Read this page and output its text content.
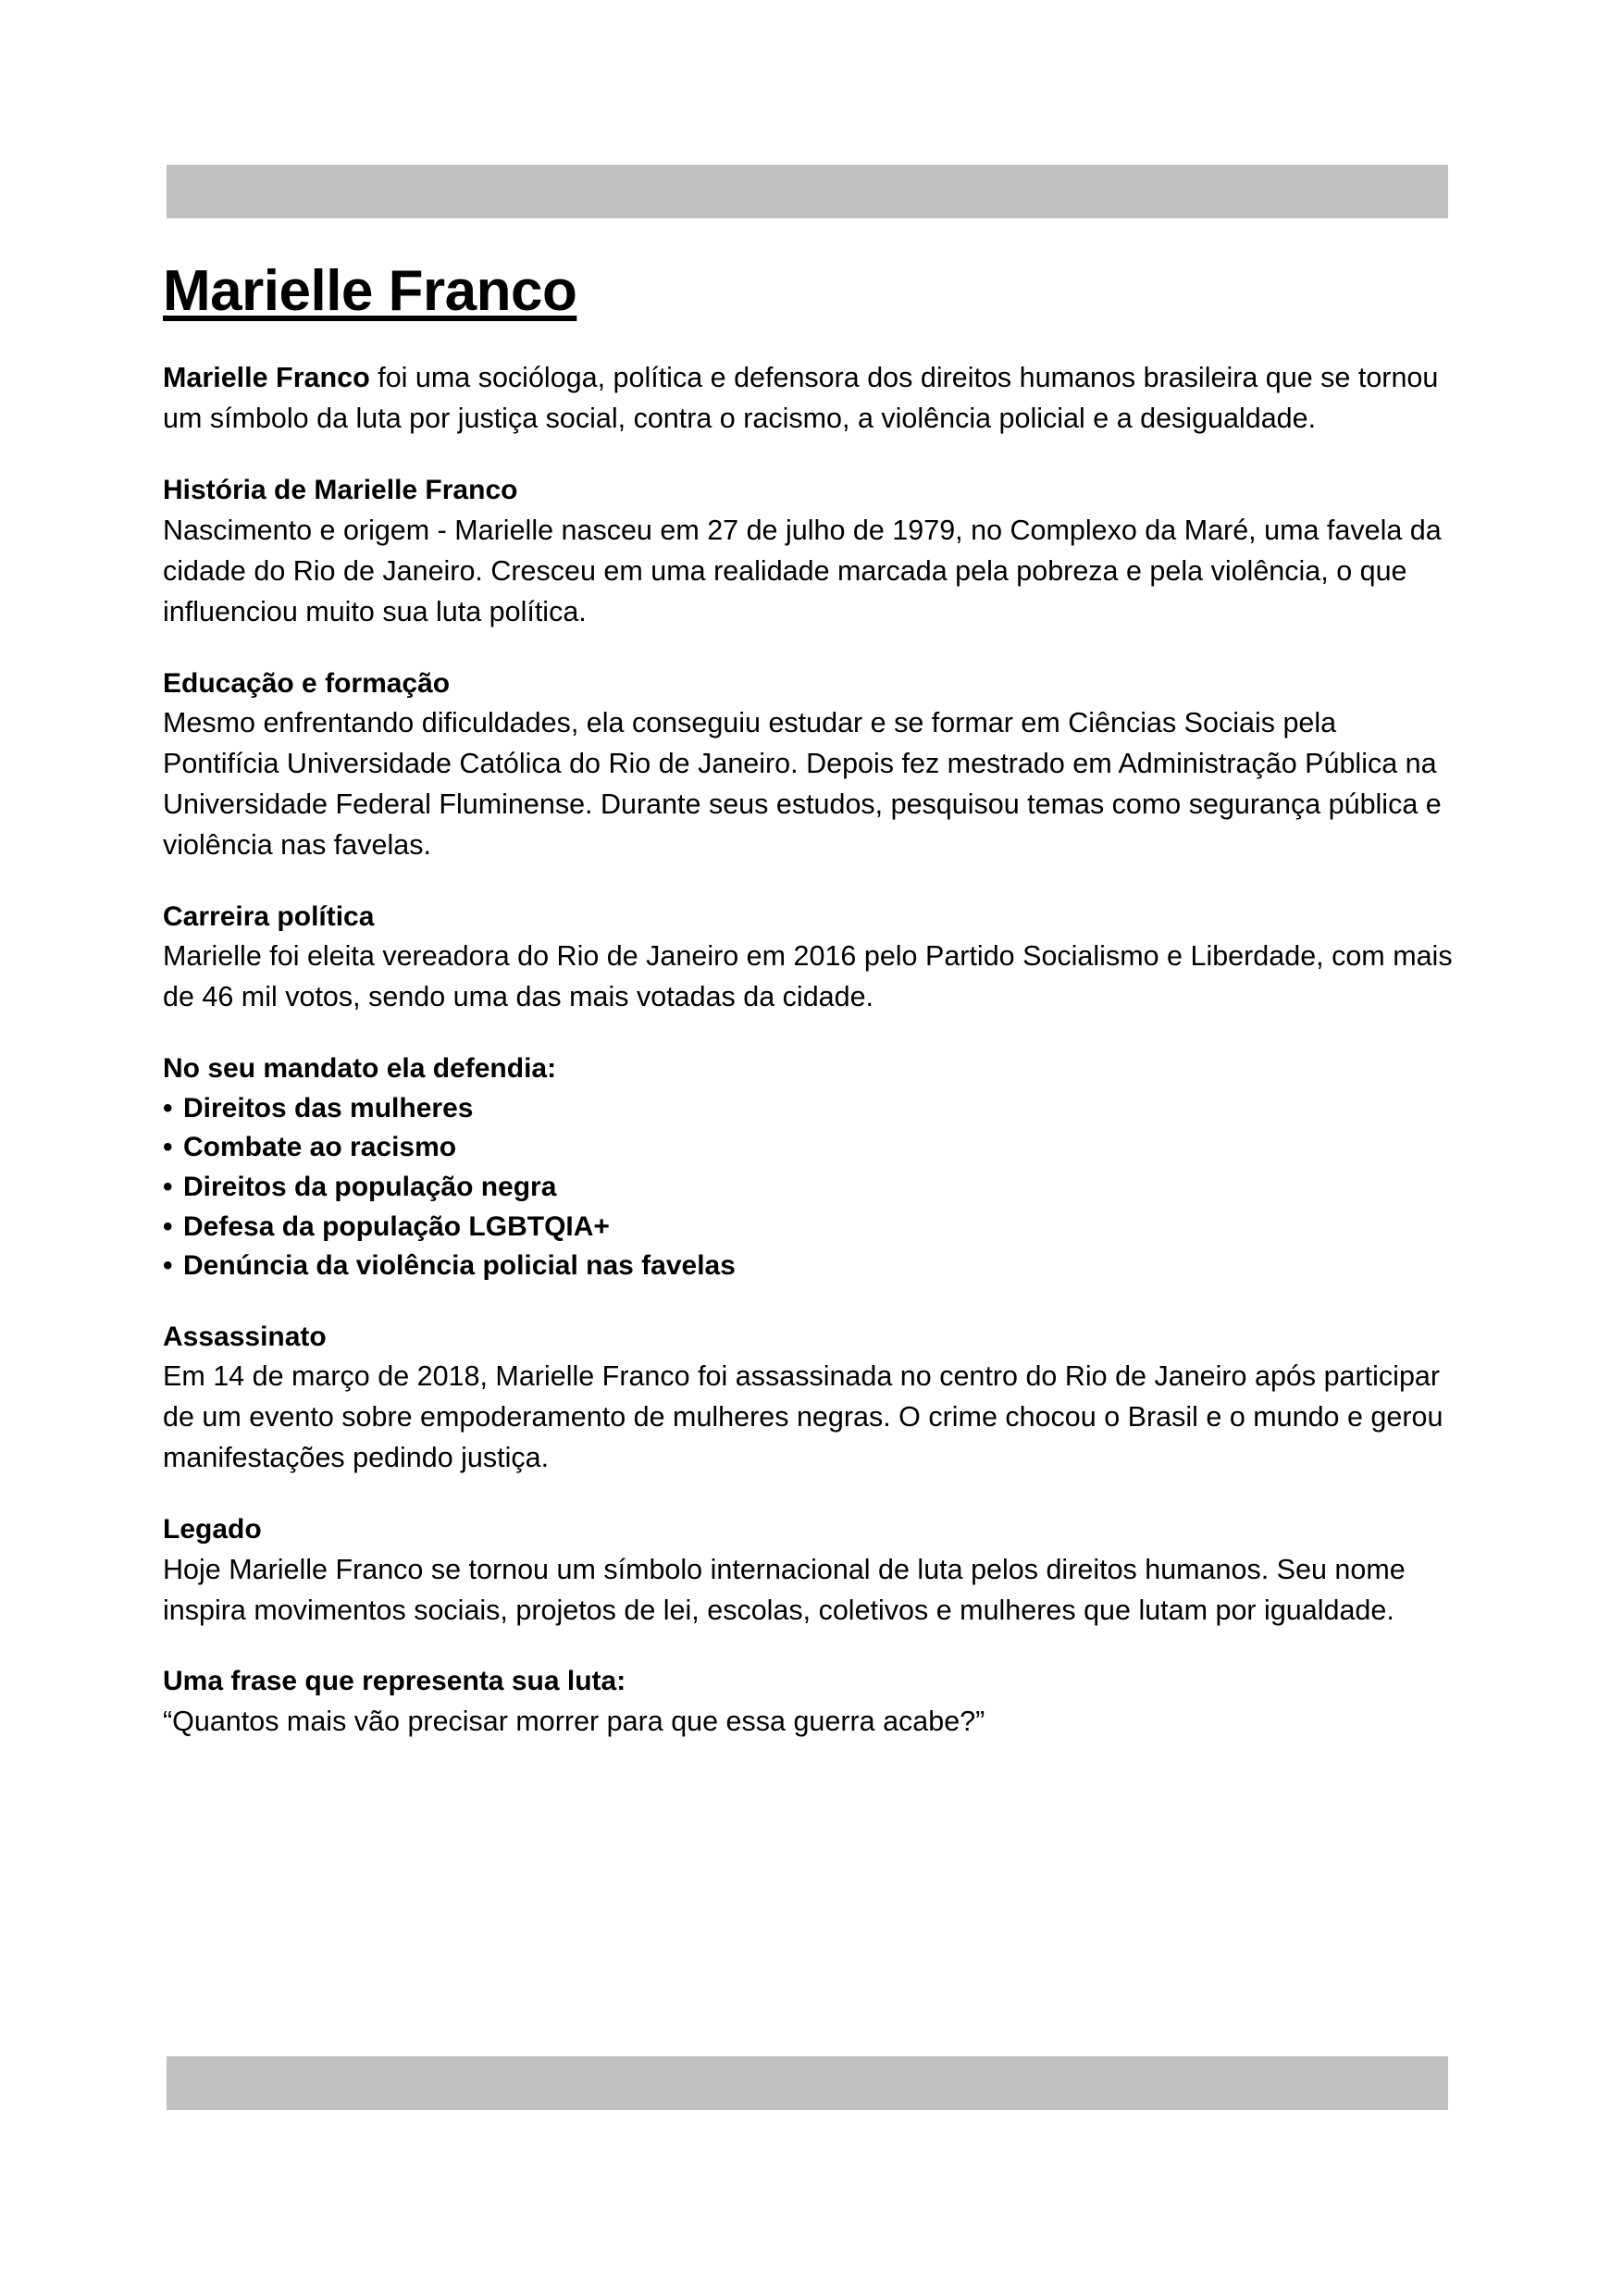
Marielle Franco

Marielle Franco foi uma socióloga, política e defensora dos direitos humanos brasileira que se tornou um símbolo da luta por justiça social, contra o racismo, a violência policial e a desigualdade.

História de Marielle Franco

Nascimento e origem - Marielle nasceu em 27 de julho de 1979, no Complexo da Maré, uma favela da cidade do Rio de Janeiro. Cresceu em uma realidade marcada pela pobreza e pela violência, o que influenciou muito sua luta política.

Educação e formação

Mesmo enfrentando dificuldades, ela conseguiu estudar e se formar em Ciências Sociais pela Pontifícia Universidade Católica do Rio de Janeiro. Depois fez mestrado em Administração Pública na Universidade Federal Fluminense. Durante seus estudos, pesquisou temas como segurança pública e violência nas favelas.

Carreira política

Marielle foi eleita vereadora do Rio de Janeiro em 2016 pelo Partido Socialismo e Liberdade, com mais de 46 mil votos, sendo uma das mais votadas da cidade.

No seu mandato ela defendia:

• Direitos das mulheres
• Combate ao racismo
• Direitos da população negra
• Defesa da população LGBTQIA+
• Denúncia da violência policial nas favelas

Assassinato

Em 14 de março de 2018, Marielle Franco foi assassinada no centro do Rio de Janeiro após participar de um evento sobre empoderamento de mulheres negras. O crime chocou o Brasil e o mundo e gerou manifestações pedindo justiça.

Legado

Hoje Marielle Franco se tornou um símbolo internacional de luta pelos direitos humanos. Seu nome inspira movimentos sociais, projetos de lei, escolas, coletivos e mulheres que lutam por igualdade.

Uma frase que representa sua luta:

“Quantos mais vão precisar morrer para que essa guerra acabe?”
